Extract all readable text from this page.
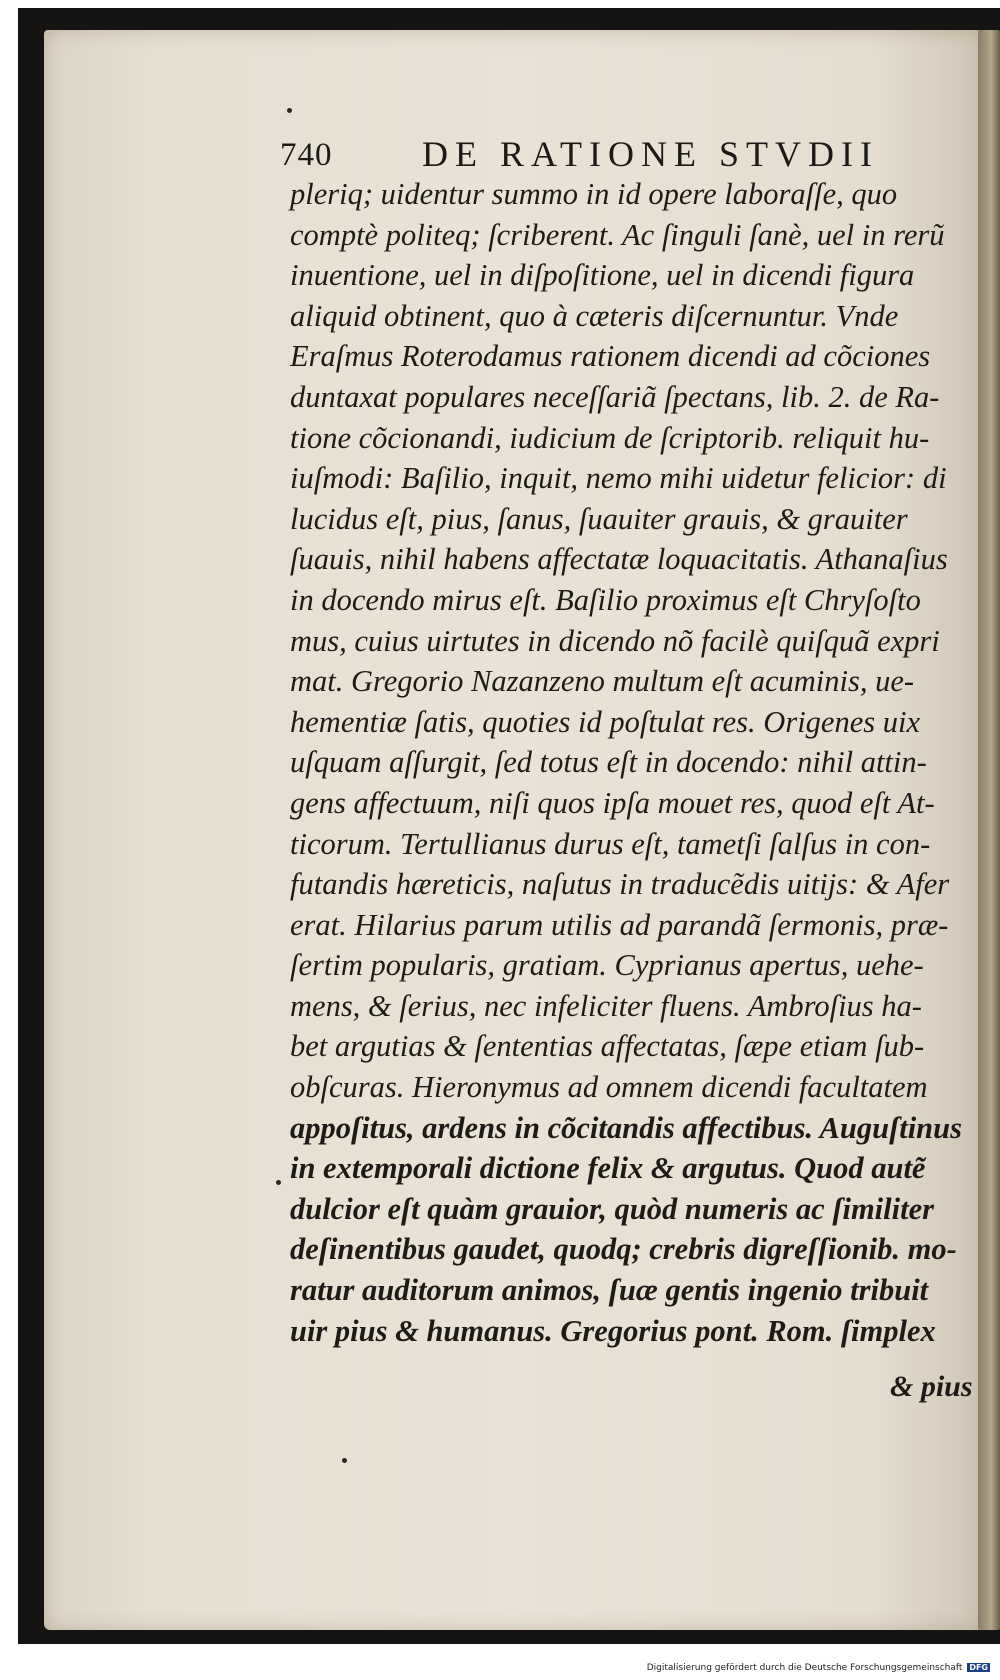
740 DE RATIONE STVDII
pleriq; uidentur summo in id opere laboraſſe, quo
comptè politeq; ſcriberent. Ac ſinguli ſanè, uel in rerũ
inuentione, uel in diſpoſitione, uel in dicendi figura
aliquid obtinent, quo à cæteris diſcernuntur. Vnde
Eraſmus Roterodamus rationem dicendi ad cõciones
duntaxat populares neceſſariã ſpectans, lib. 2. de Ra-
tione cõcionandi, iudicium de ſcriptorib. reliquit hu-
iuſmodi: Baſilio, inquit, nemo mihi uidetur felicior: di
lucidus eſt, pius, ſanus, ſuauiter grauis, & grauiter
ſuauis, nihil habens affectatæ loquacitatis. Athanaſius
in docendo mirus eſt. Baſilio proximus eſt Chryſoſto
mus, cuius uirtutes in dicendo nõ facilè quiſquã expri
mat. Gregorio Nazanzeno multum eſt acuminis, ue-
hementiæ ſatis, quoties id poſtulat res. Origenes uix
uſquam aſſurgit, ſed totus eſt in docendo: nihil attin-
gens affectuum, niſi quos ipſa mouet res, quod eſt At-
ticorum. Tertullianus durus eſt, tametſi ſalſus in con-
futandis hæreticis, naſutus in traducẽdis uitijs: & Afer
erat. Hilarius parum utilis ad parandã ſermonis, præ-
ſertim popularis, gratiam. Cyprianus apertus, uehe-
mens, & ſerius, nec infeliciter fluens. Ambroſius ha-
bet argutias & ſententias affectatas, ſæpe etiam ſub-
obſcuras. Hieronymus ad omnem dicendi facultatem
appoſitus, ardens in cõcitandis affectibus. Auguſtinus
in extemporali dictione felix & argutus. Quod autẽ
dulcior eſt quàm grauior, quòd numeris ac ſimiliter
deſinentibus gaudet, quodq; crebris digreſſionib. mo-
ratur auditorum animos, ſuæ gentis ingenio tribuit
uir pius & humanus. Gregorius pont. Rom. ſimplex
& pius
Digitalisierung gefördert durch die Deutsche Forschungsgemeinschaft DFG
